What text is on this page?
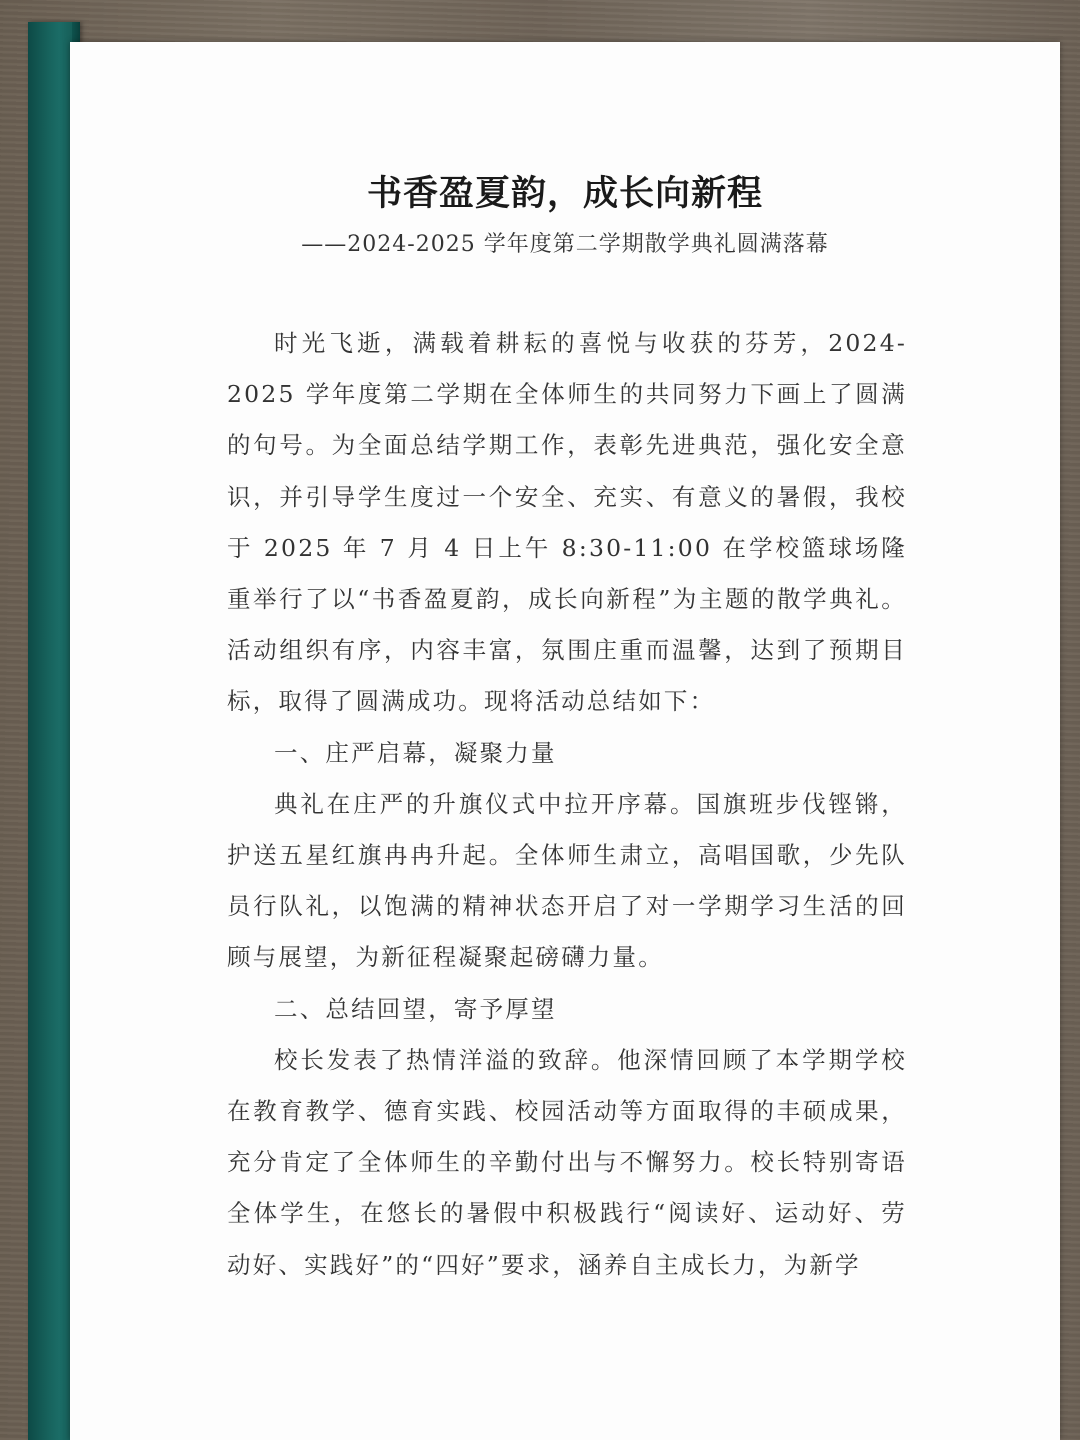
书香盈夏韵，成长向新程
——2024-2025 学年度第二学期散学典礼圆满落幕

时光飞逝，满载着耕耘的喜悦与收获的芬芳，2024-2025 学年度第二学期在全体师生的共同努力下画上了圆满的句号。为全面总结学期工作，表彰先进典范，强化安全意识，并引导学生度过一个安全、充实、有意义的暑假，我校于 2025 年 7 月 4 日上午 8:30-11:00 在学校篮球场隆重举行了以“书香盈夏韵，成长向新程”为主题的散学典礼。活动组织有序，内容丰富，氛围庄重而温馨，达到了预期目标，取得了圆满成功。现将活动总结如下：

一、庄严启幕，凝聚力量

典礼在庄严的升旗仪式中拉开序幕。国旗班步伐铿锵，护送五星红旗冉冉升起。全体师生肃立，高唱国歌，少先队员行队礼，以饱满的精神状态开启了对一学期学习生活的回顾与展望，为新征程凝聚起磅礴力量。

二、总结回望，寄予厚望

校长发表了热情洋溢的致辞。他深情回顾了本学期学校在教育教学、德育实践、校园活动等方面取得的丰硕成果，充分肯定了全体师生的辛勤付出与不懈努力。校长特别寄语全体学生，在悠长的暑假中积极践行“阅读好、运动好、劳动好、实践好”的“四好”要求，涵养自主成长力，为新学
